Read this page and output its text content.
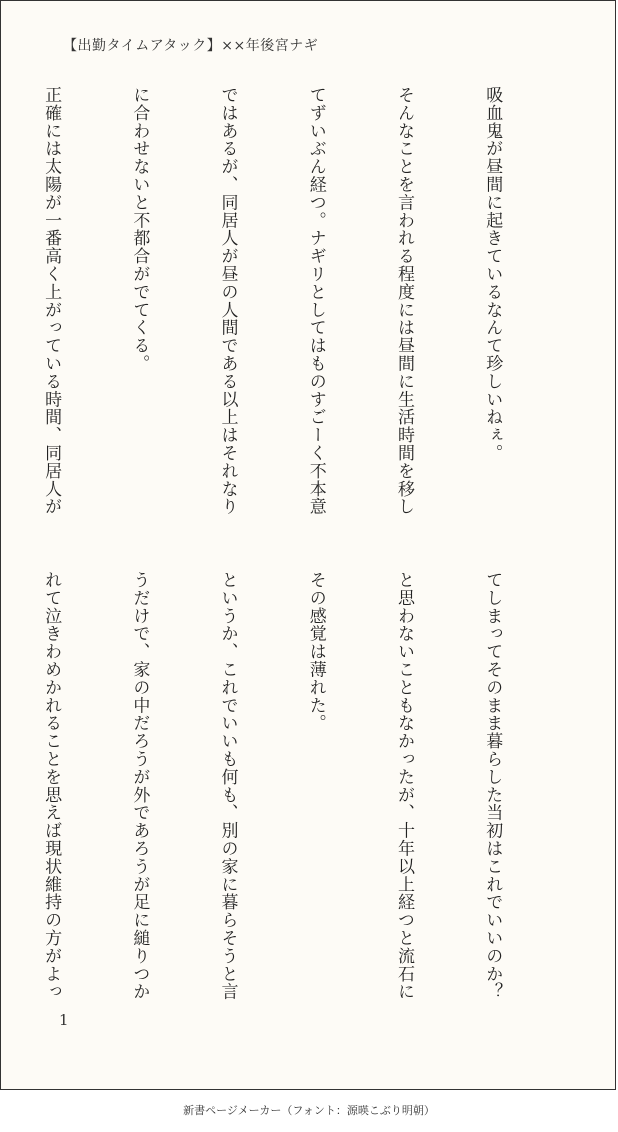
【出勤タイムアタック】××年後宮ナギ

吸血鬼が昼間に起きているなんて珍しいねぇ。

そんなことを言われる程度には昼間に生活時間を移し

てずいぶん経つ。ナギリとしてはものすごーく不本意

ではあるが、同居人が昼の人間である以上はそれなり

に合わせないと不都合がでてくる。

正確には太陽が一番高く上がっている時間、同居人が

てしまってそのまま暮らした当初はこれでいいのか？

と思わないこともなかったが、十年以上経つと流石に

その感覚は薄れた。

というか、これでいいも何も、別の家に暮らそうと言

うだけで、家の中だろうが外であろうが足に縋りつか

れて泣きわめかれることを思えば現状維持の方がよっ

1
新書ページメーカー（フォント：源暎こぶり明朝）
